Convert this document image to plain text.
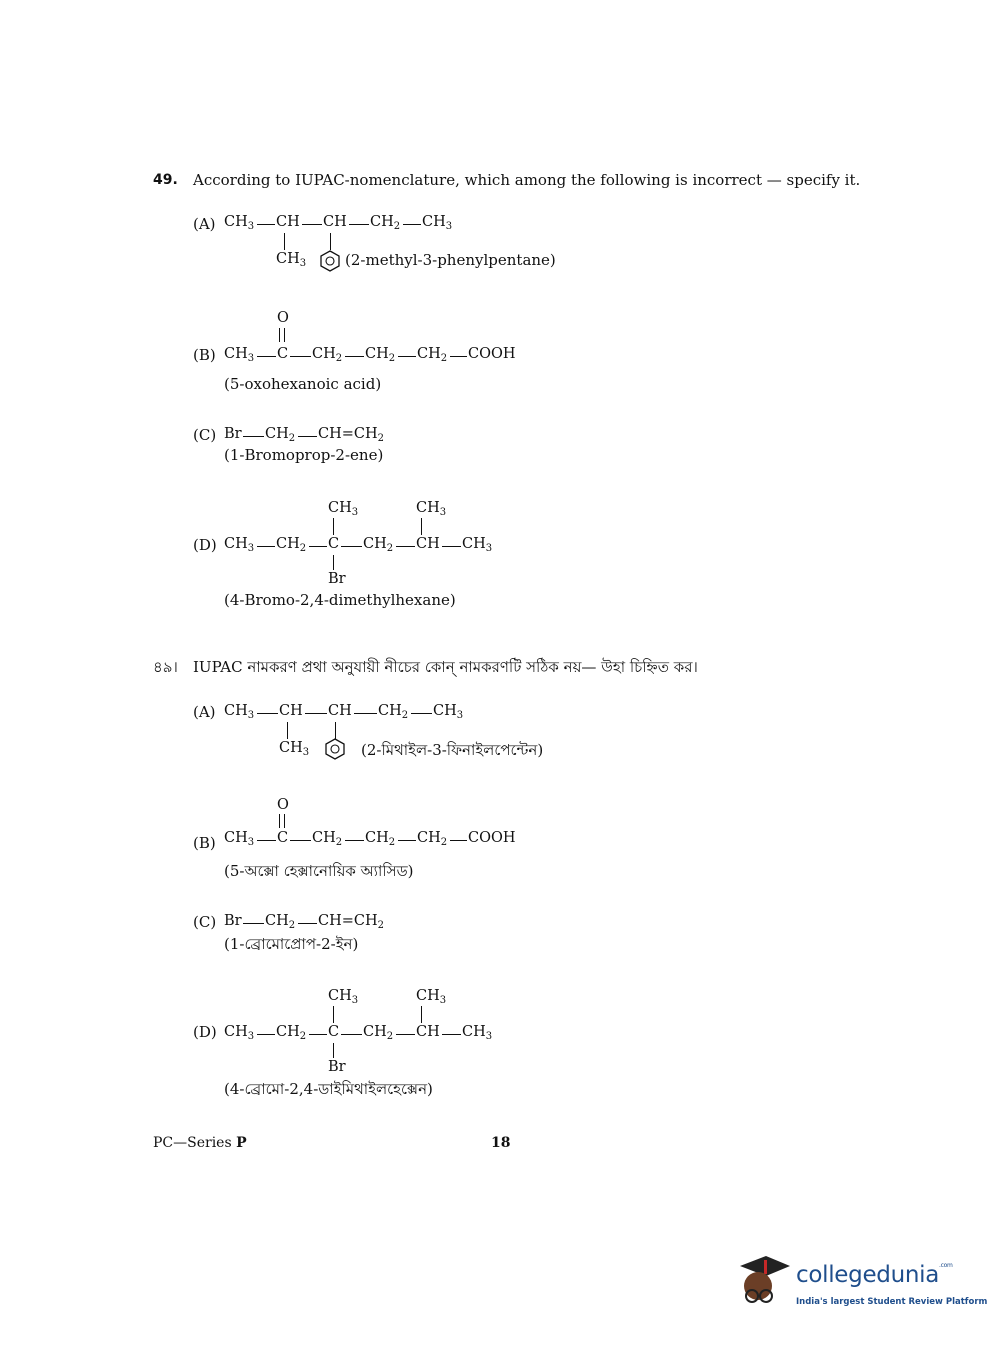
49. According to IUPAC-nomenclature, which among the following is incorrect — specify it.
(A) $CH_3$ CH CH $CH_2$ $CH_3$
$CH_3$	(2-methyl-3-phenylpentane)
O
(B) $CH_3$ C $CH_2$ $CH_2$ $CH_2$ COOH
(5-oxohexanoic acid)
(C) Br $CH_2$ $CH=CH_2$
(1-Bromoprop-2-ene)
$CH_3$	$CH_3$
(D) $CH_3$ $CH_2$ C $CH_2$ CH $CH_3$
Br
(4-Bromo-2,4-dimethylhexane)
৪৯। IUPAC নামকরণ প্রথা অনুযায়ী নীচের কোন্ নামকরণটি সঠিক নয়— উহা চিহ্নিত কর।
(A) $CH_3$ CH CH $CH_2$ $CH_3$
$CH_3$	(2-মিথাইল-3-ফিনাইলপেন্টেন)
O
(B) $CH_3$ C $CH_2$ $CH_2$ $CH_2$ COOH
(5-অক্সো হেক্সানোয়িক অ্যাসিড)
(C) Br $CH_2$ $CH=CH_2$
(1-ব্রোমোপ্রোপ-2-ইন)
$CH_3$	$CH_3$
(D) $CH_3$ $CH_2$ C $CH_2$ CH $CH_3$
Br
(4-ব্রোমো-2,4-ডাইমিথাইলহেক্সেন)
PC—Series P	18
collegedunia$^{.com}$
India's largest Student Review Platform
